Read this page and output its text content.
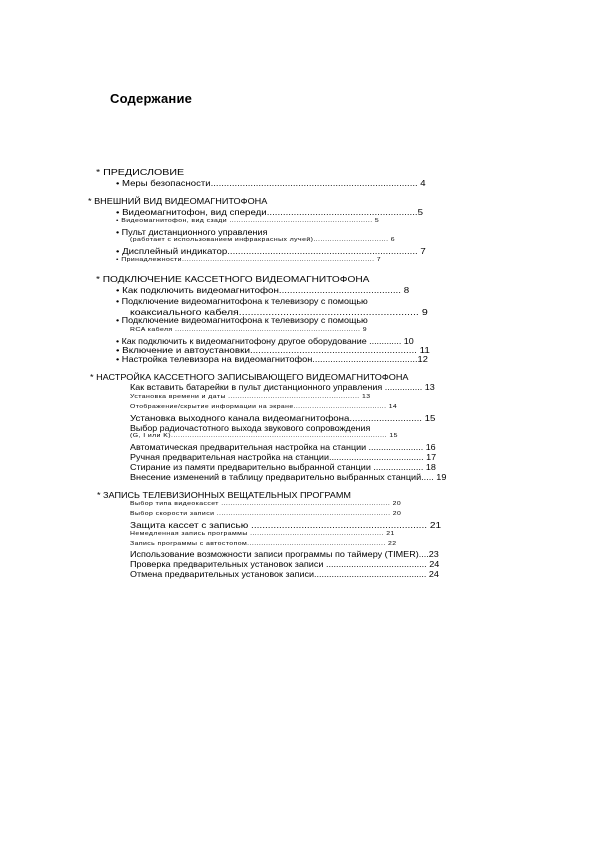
Содержание
* ПРЕДИСЛОВИЕ
• Меры безопасности.............................................................................. 4
* ВНЕШНИЙ ВИД ВИДЕОМАГНИТОФОНА
• Видеомагнитофон, вид спереди........................................................5
• Видеомагнитофон, вид сзади ............................................................. 5
• Пульт дистанционного управления
(работает с использованием инфракрасных лучей)................................ 6
• Дисплейный индикатор....................................................................... 7
• Принадлежности.................................................................................. 7
* ПОДКЛЮЧЕНИЕ КАССЕТНОГО ВИДЕОМАГНИТОФОНА
• Как подключить видеомагнитофон............................................. 8
• Подключение видеомагнитофона к телевизору с помощью
коаксиального кабеля............................................................. 9
• Подключение видеомагнитофона к телевизору с помощью
RCA кабеля ............................................................................... 9
• Как подключить к видеомагнитофону другое оборудование ............. 10
• Включение и автоустановки............................................................. 11
• Настройка телевизора на видеомагнитофон.........................................12
* НАСТРОЙКА КАССЕТНОГО ЗАПИСЫВАЮЩЕГО ВИДЕОМАГНИТОФОНА
Как вставить батарейки в пульт дистанционного управления ............... 13
Установка времени и даты ........................................................ 13
Отображение/скрытие информации на экране........................................ 14
Установка выходного канала видеомагнитофона........................... 15
Выбор радиочастотного выхода звукового сопровождения
(G, I или K)............................................................................................ 15
Автоматическая предварительная настройка на станции ...................... 16
Ручная предварительная настройка на станции...................................... 17
Стирание из памяти предварительно выбранной станции .................... 18
Внесение изменений в таблицу предварительно выбранных станций..... 19
* ЗАПИСЬ ТЕЛЕВИЗИОННЫХ ВЕЩАТЕЛЬНЫХ ПРОГРАММ
Выбор типа видеокассет ........................................................................ 20
Выбор скорости записи .......................................................................... 20
Защита кассет с записью ............................................................... 21
Немедленная запись программы ......................................................... 21
Запись программы с автостопом........................................................... 22
Использование возможности записи программы по таймеру (TIMER)....23
Проверка предварительных установок записи ........................................ 24
Отмена предварительных установок записи............................................. 24
